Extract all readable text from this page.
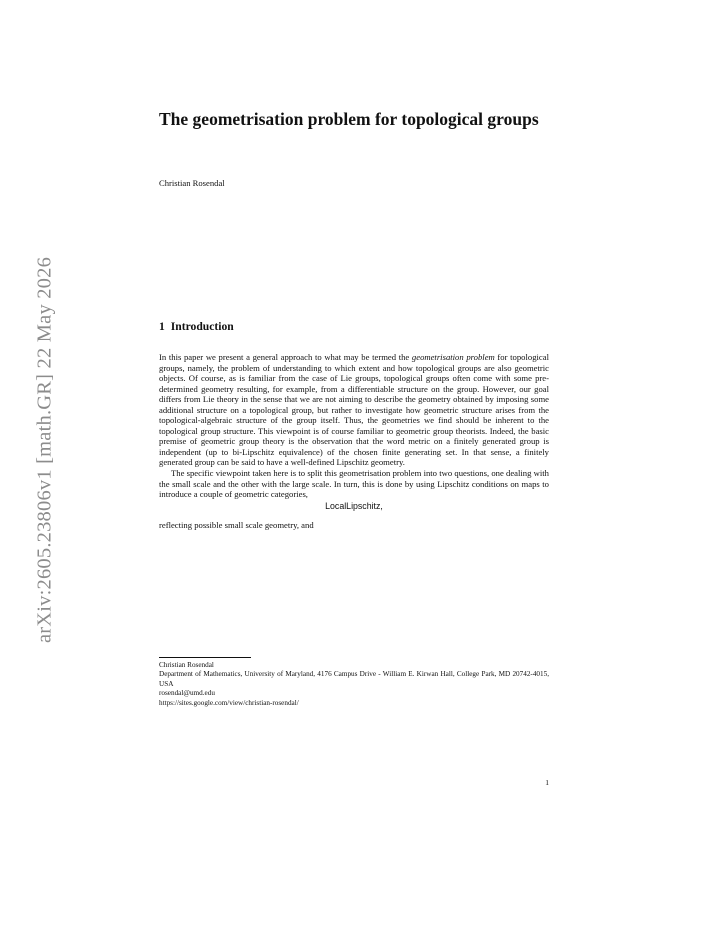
arXiv:2605.23806v1 [math.GR] 22 May 2026
The geometrisation problem for topological groups
Christian Rosendal
1 Introduction

In this paper we present a general approach to what may be termed the geometrisation problem for topological groups, namely, the problem of understanding to which extent and how topological groups are also geometric objects. Of course, as is familiar from the case of Lie groups, topological groups often come with some pre-determined geometry resulting, for example, from a differentiable structure on the group. However, our goal differs from Lie theory in the sense that we are not aiming to describe the geometry obtained by imposing some additional structure on a topological group, but rather to investigate how geometric structure arises from the topological-algebraic structure of the group itself. Thus, the geometries we find should be inherent to the topological group structure. This viewpoint is of course familiar to geometric group theorists. Indeed, the basic premise of geometric group theory is the observation that the word metric on a finitely generated group is independent (up to bi-Lipschitz equivalence) of the chosen finite generating set. In that sense, a finitely generated group can be said to have a well-defined Lipschitz geometry.

The specific viewpoint taken here is to split this geometrisation problem into two questions, one dealing with the small scale and the other with the large scale. In turn, this is done by using Lipschitz conditions on maps to introduce a couple of geometric categories,

LocalLipschitz,

reflecting possible small scale geometry, and

Christian Rosendal
Department of Mathematics, University of Maryland, 4176 Campus Drive - William E. Kirwan Hall, College Park, MD 20742-4015, USA
rosendal@umd.edu
https://sites.google.com/view/christian-rosendal/
1
